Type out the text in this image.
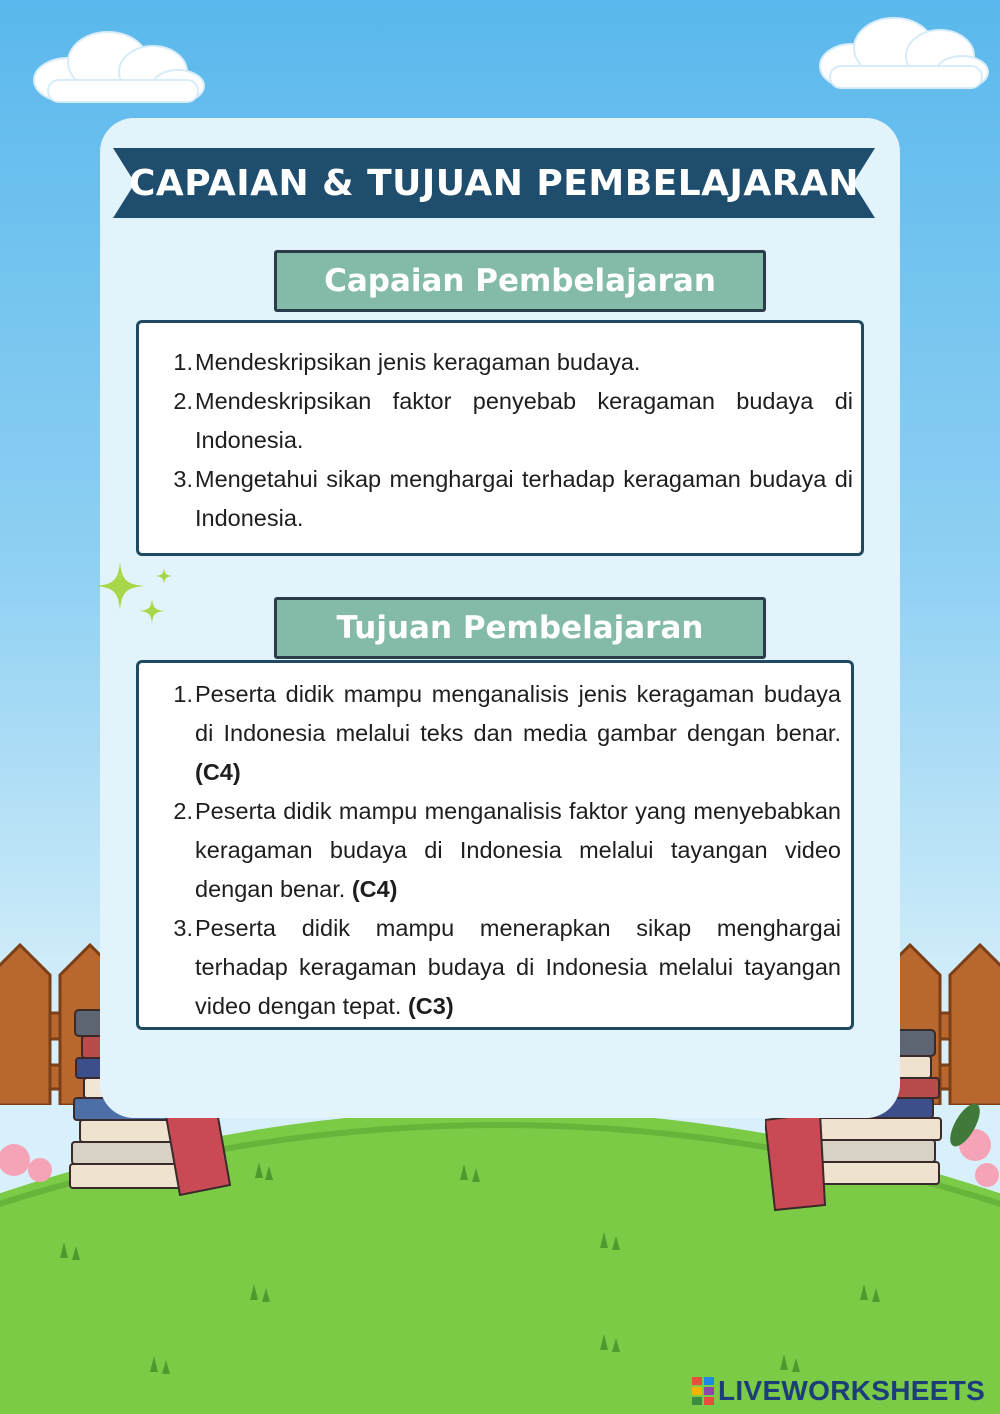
CAPAIAN & TUJUAN PEMBELAJARAN
Capaian Pembelajaran
1. Mendeskripsikan jenis keragaman budaya.
2. Mendeskripsikan faktor penyebab keragaman budaya di Indonesia.
3. Mengetahui sikap menghargai terhadap keragaman budaya di Indonesia.
Tujuan Pembelajaran
1. Peserta didik mampu menganalisis jenis keragaman budaya di Indonesia melalui teks dan media gambar dengan benar. (C4)
2. Peserta didik mampu menganalisis faktor yang menyebabkan keragaman budaya di Indonesia melalui tayangan video dengan benar. (C4)
3. Peserta didik mampu menerapkan sikap menghargai terhadap keragaman budaya di Indonesia melalui tayangan video dengan tepat. (C3)
LIVEWORKSHEETS
